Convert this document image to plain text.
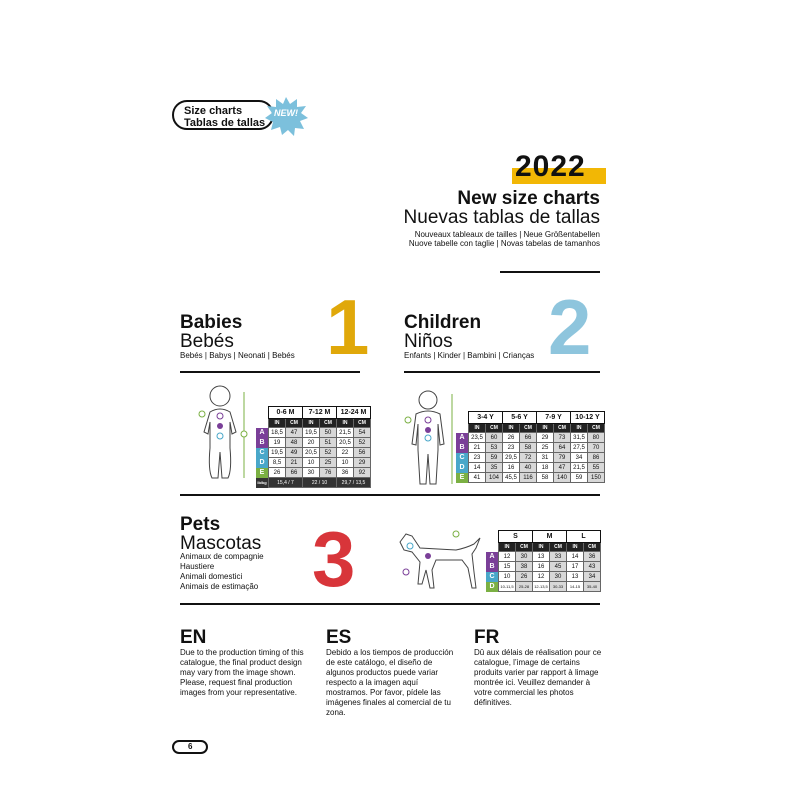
Size charts
Tablas de tallas
NEW!
2022
New size charts
Nuevas tablas de tallas
Nouveaux tableaux de tailles | Neue Größentabellen
Nuove tabelle con taglie | Novas tabelas de tamanhos
Babies
Bebés
Bebés | Babys | Neonati | Bebés 1 Children
Niños
Enfants | Kinder | Bambini | Crianças 2
	0-6 M		7-12 M		12-24 M	
	IN	CM	IN	CM	IN	CM
A	18,5	47	19,5	50	21,5	54
B	19	48	20	51	20,5	52
C	19,5	49	20,5	52	22	56
D	8,5	21	10	25	10	29
E	26	66	30	76	36	92
lb/kg	15,4 / 7		22 / 10		29,7 / 13,5	
	3-4 Y		5-6 Y		7-9 Y		10-12 Y	
	IN	CM	IN	CM	IN	CM	IN	CM
A	23,5	60	26	66	29	73	31,5	80
B	21	53	23	58	25	64	27,5	70
C	23	59	29,5	72	31	79	34	86
D	14	35	16	40	18	47	21,5	55
E	41	104	45,5	116	58	140	59	150
Pets
Mascotas
Animaux de compagnie
Haustiere
Animali domestici
Animais de estimação 3
		S		M		L	
	IN	CM	IN	CM	IN	CM
A	12	30	13	33	14	36
B	15	38	16	45	17	43
C	10	26	12	30	13	34
D	10-11,5	25-28	12-13,5	30-33	14-15	35-40
EN
Due to the production timing of this catalogue, the final product design may vary from the image shown. Please, request final production images from your representative.
ES
Debido a los tiempos de producción de este catálogo, el diseño de algunos productos puede variar respecto a la imagen aquí mostramos. Por favor, pídele las imágenes finales al comercial de tu zona.
FR
Dû aux délais de réalisation pour ce catalogue, l’image de certains produits varier par rapport à limage montrée ici. Veuillez demander à votre commercial les photos définitives.
6
